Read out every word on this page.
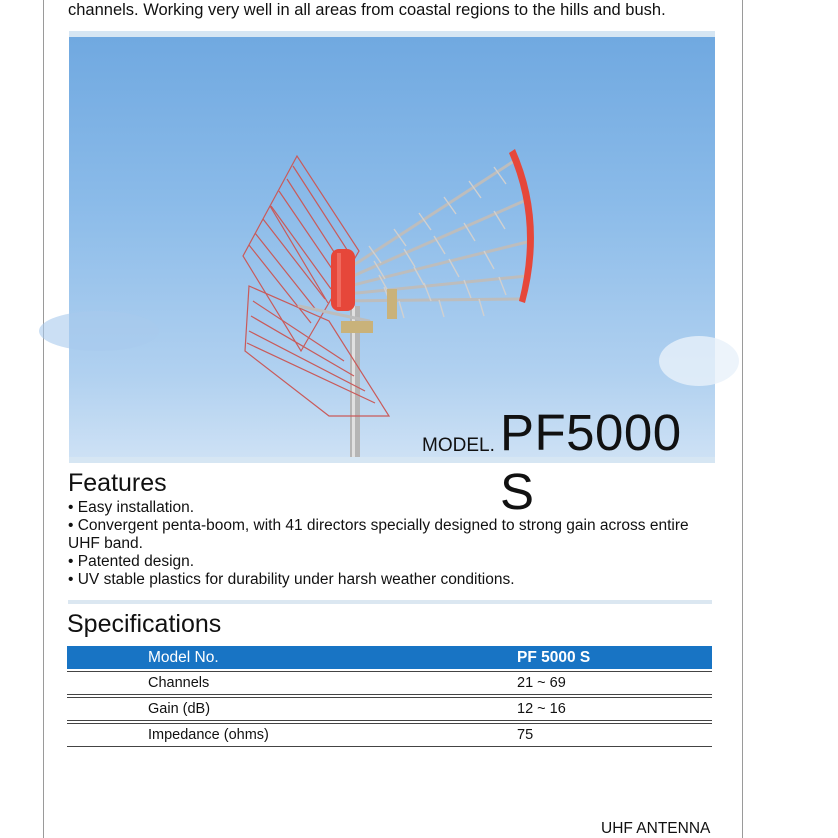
channels. Working very well in all areas from coastal regions to the hills and bush.
MODEL. PF5000 S
Features
• Easy installation.
• Convergent penta-boom, with 41 directors specially designed to strong gain across entire UHF band.
• Patented design.
• UV stable plastics for durability under harsh weather conditions.
Specifications
Model No.	PF 5000 S
Channels	21 ~ 69
Gain (dB)	12 ~ 16
Impedance (ohms)	75
UHF ANTENNA
